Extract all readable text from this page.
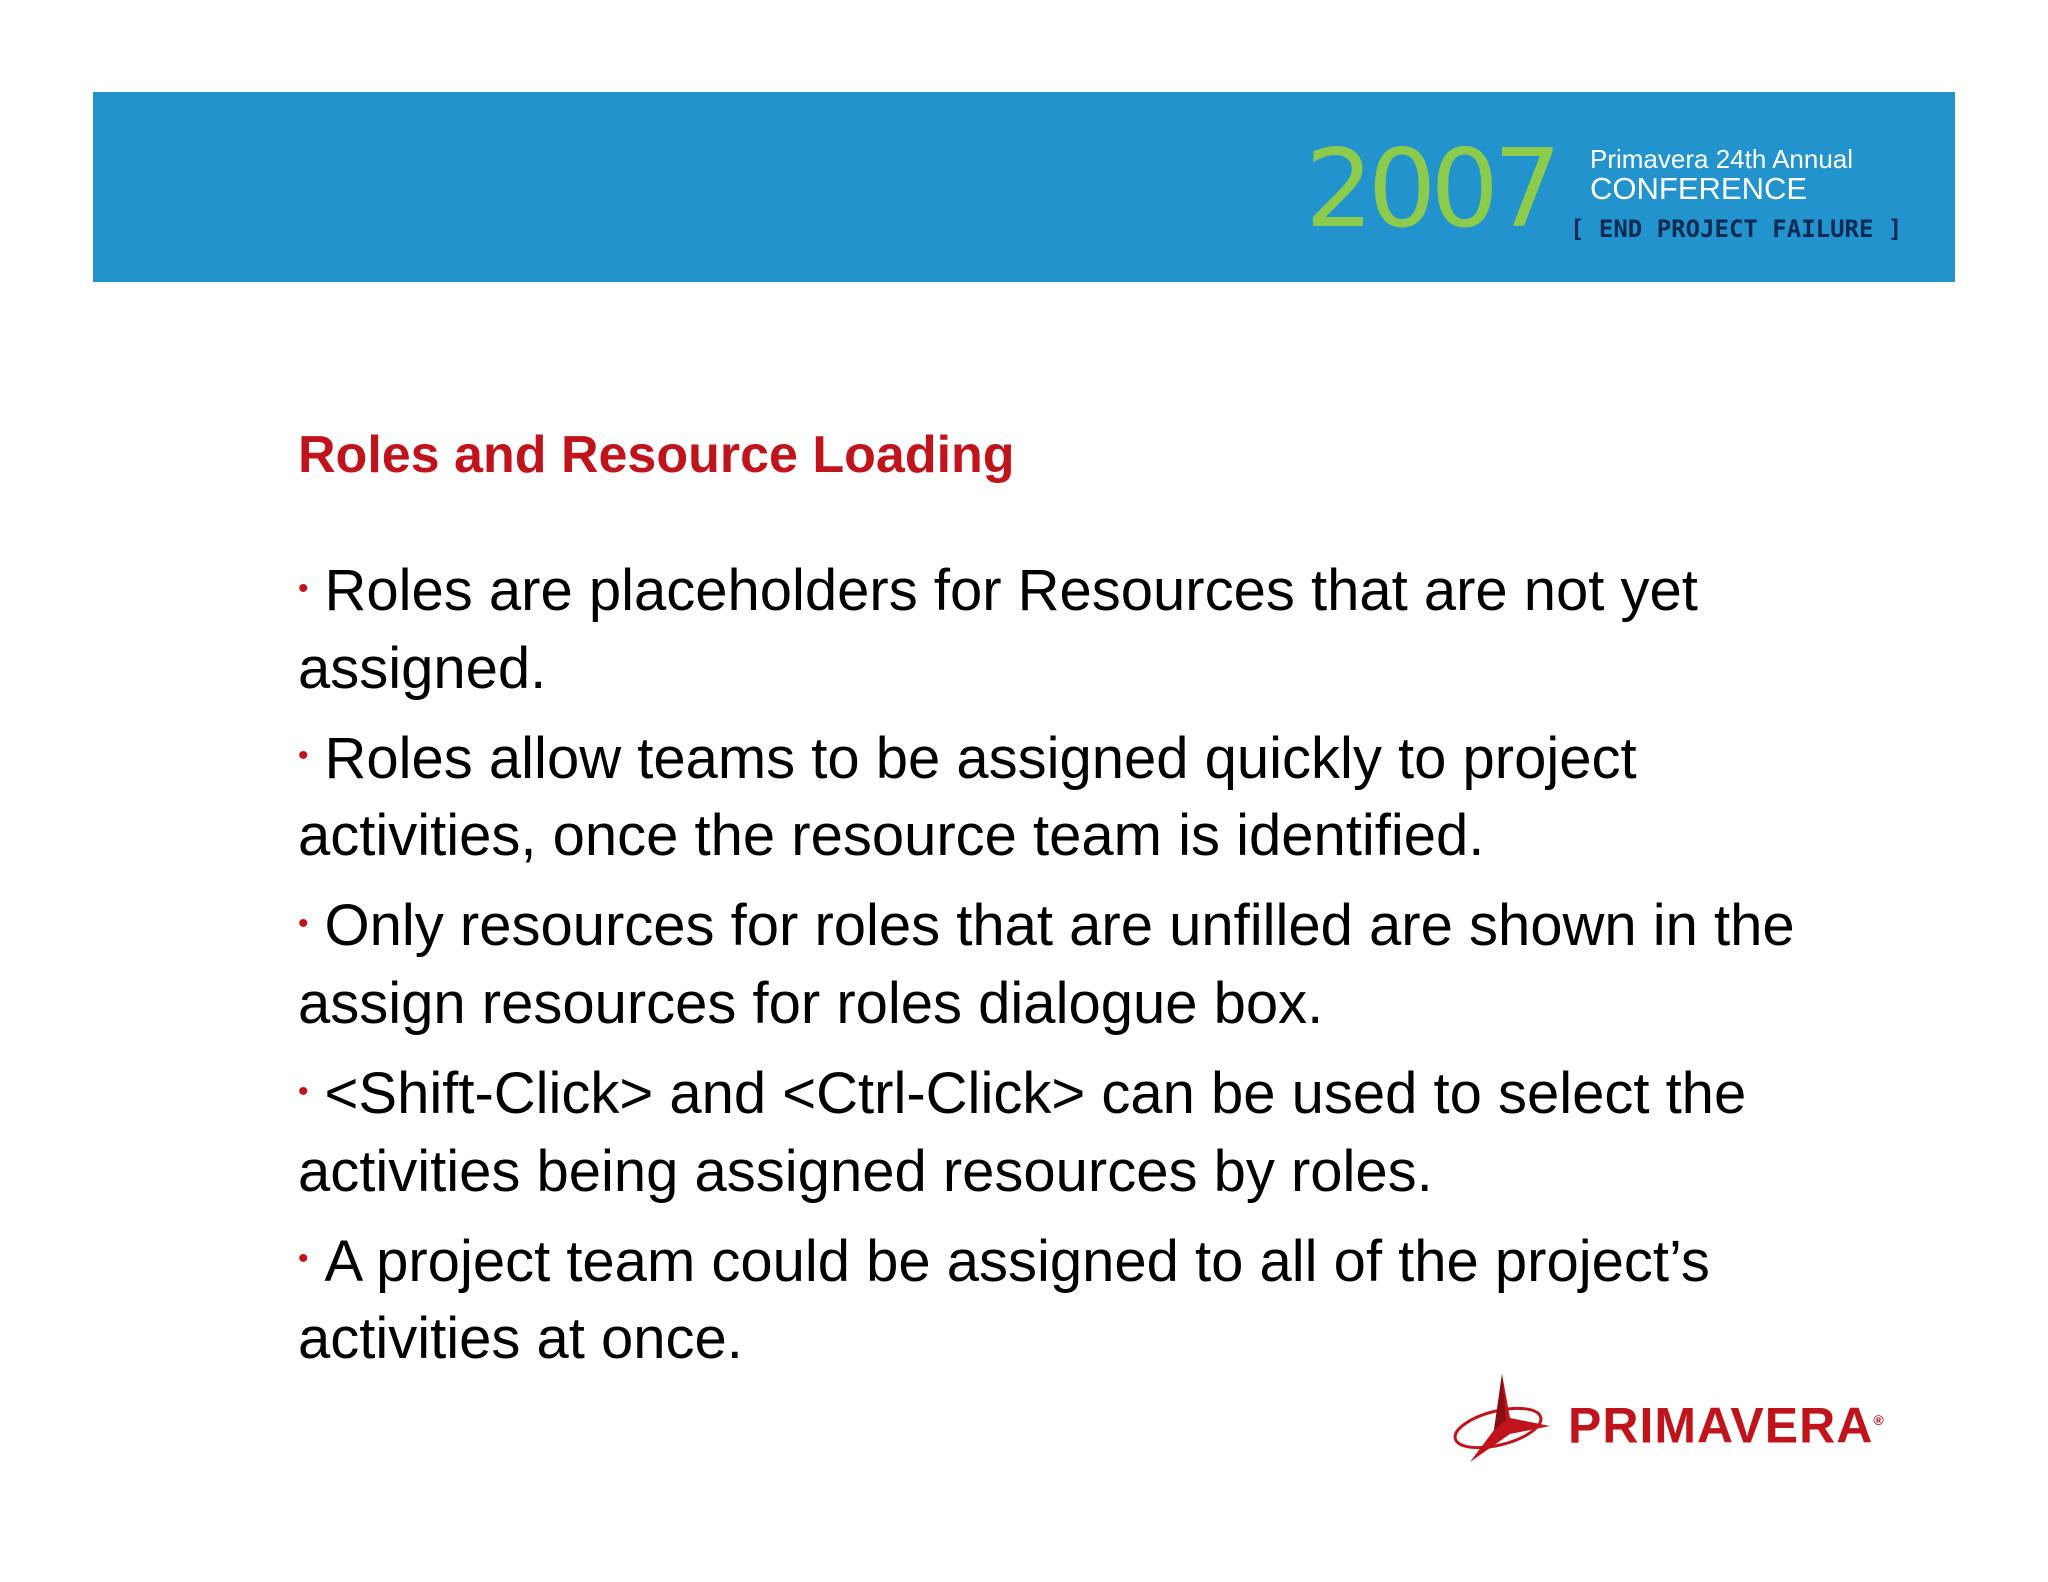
2007 Primavera 24th Annual
CONFERENCE
[ END PROJECT FAILURE ]
Roles and Resource Loading
• Roles are placeholders for Resources that are not yet assigned.
• Roles allow teams to be assigned quickly to project activities, once the resource team is identified.
• Only resources for roles that are unfilled are shown in the assign resources for roles dialogue box.
• <Shift-Click> and <Ctrl-Click> can be used to select the activities being assigned resources by roles.
• A project team could be assigned to all of the project’s activities at once.
PRIMAVERA®
